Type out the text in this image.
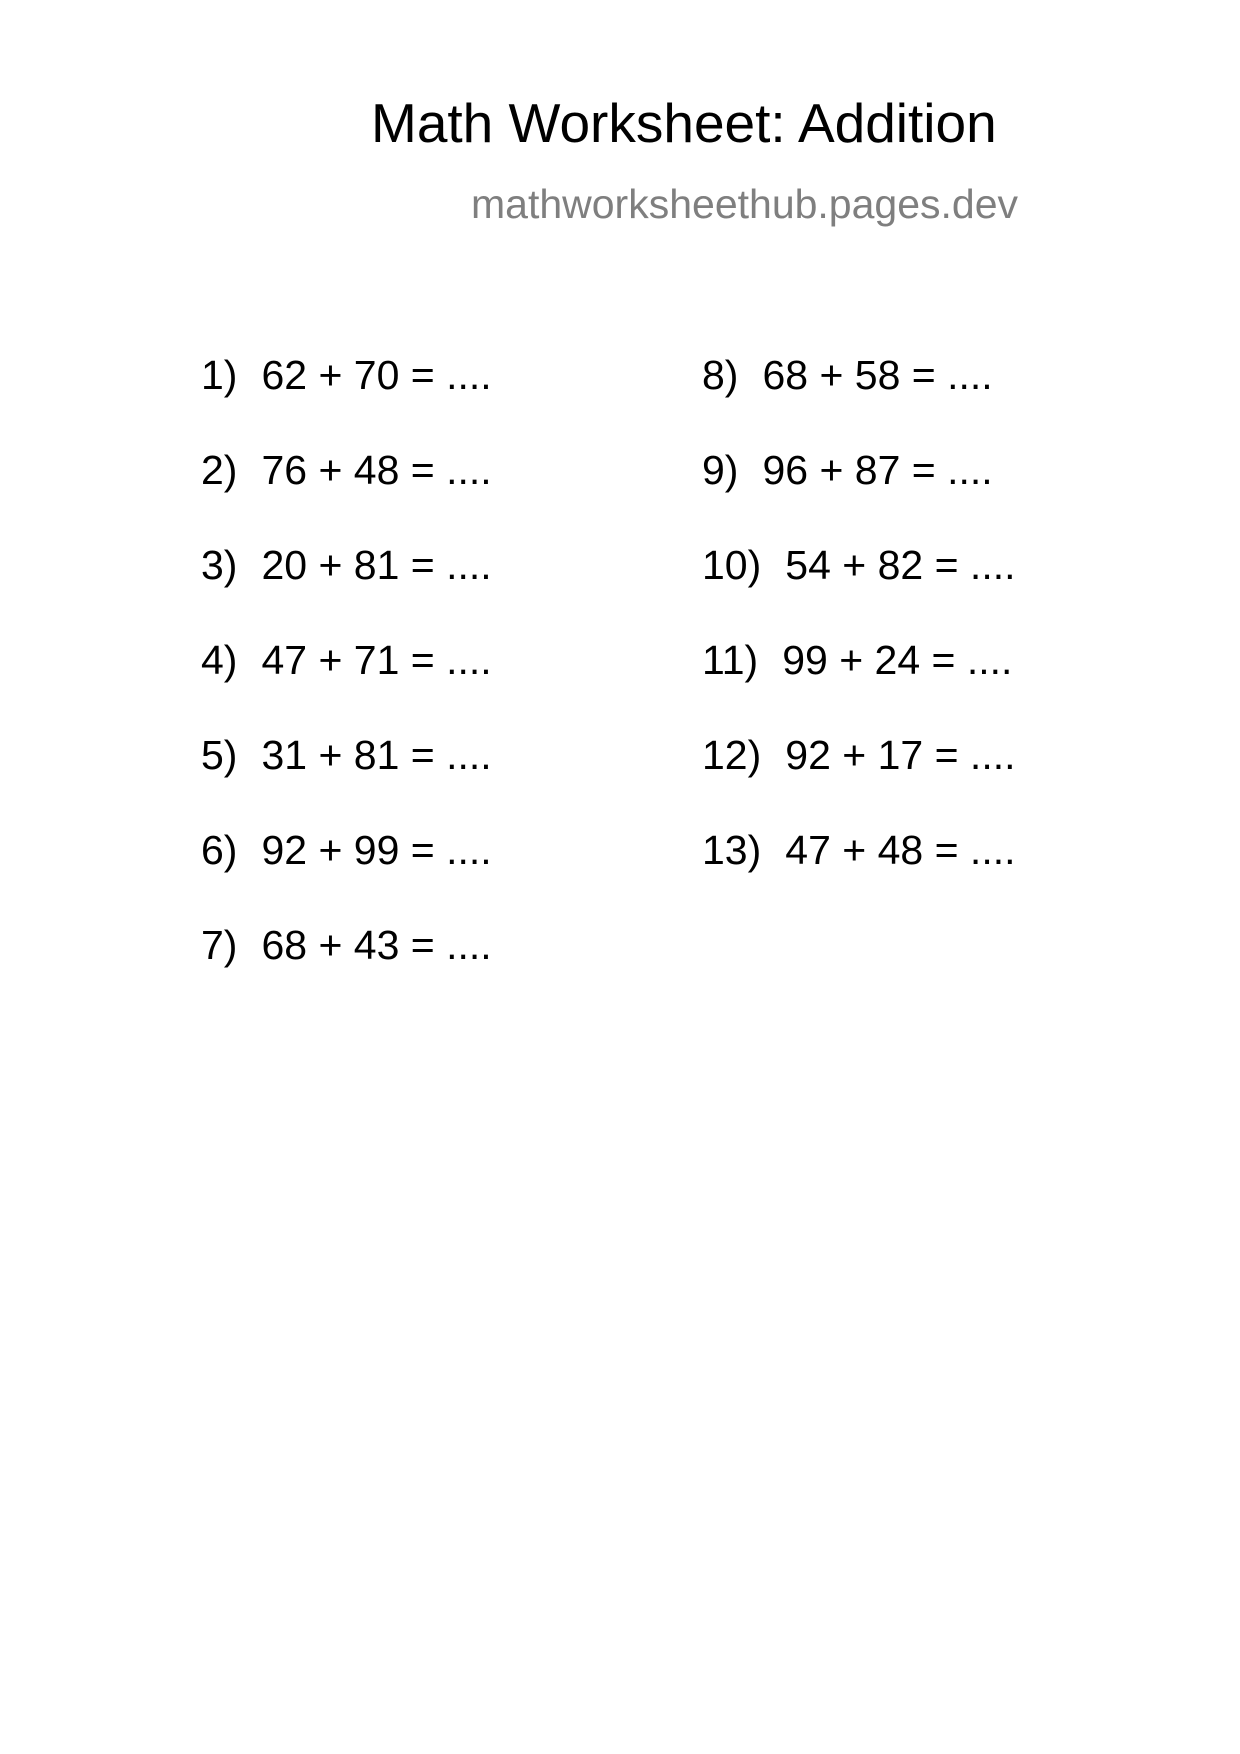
Math Worksheet: Addition
mathworksheethub.pages.dev
1) 62 + 70 = ....
2) 76 + 48 = ....
3) 20 + 81 = ....
4) 47 + 71 = ....
5) 31 + 81 = ....
6) 92 + 99 = ....
7) 68 + 43 = ....
8) 68 + 58 = ....
9) 96 + 87 = ....
10) 54 + 82 = ....
11) 99 + 24 = ....
12) 92 + 17 = ....
13) 47 + 48 = ....
